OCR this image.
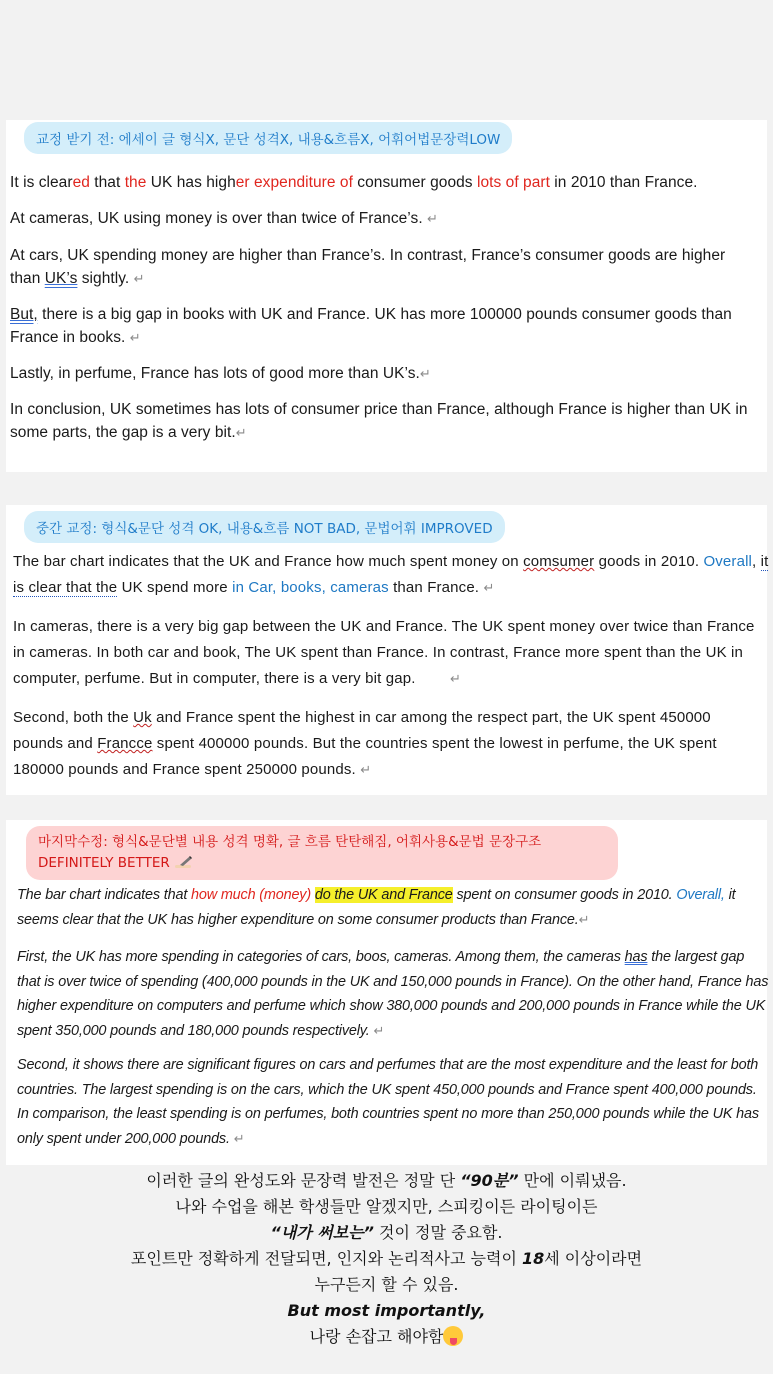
교정 받기 전: 에세이 글 형식X, 문단 성격X, 내용&흐름X, 어휘어법문장력LOW

It is cleared that the UK has higher expenditure of consumer goods lots of part in 2010 than France.

At cameras, UK using money is over than twice of France’s. ↵

At cars, UK spending money are higher than France’s. In contrast, France’s consumer goods are higher than UK’s sightly. ↵

But, there is a big gap in books with UK and France. UK has more 100000 pounds consumer goods than France in books. ↵

Lastly, in perfume, France has lots of good more than UK’s.↵

In conclusion, UK sometimes has lots of consumer price than France, although France is higher than UK in some parts, the gap is a very bit.↵

중간 교정: 형식&문단 성격 OK, 내용&흐름 NOT BAD, 문법어휘 IMPROVED

The bar chart indicates that the UK and France how much spent money on comsumer goods in 2010. Overall, it is clear that the UK spend more in Car, books, cameras than France. ↵

In cameras, there is a very big gap between the UK and France. The UK spent money over twice than France in cameras. In both car and book, The UK spent than France. In contrast, France more spent than the UK in computer, perfume. But in computer, there is a very bit gap.         ↵

Second, both the Uk and France spent the highest in car among the respect part, the UK spent 450000 pounds and Francce spent 400000 pounds. But the countries spent the lowest in perfume, the UK spent 180000 pounds and France spent 250000 pounds. ↵

마지막수정: 형식&문단별 내용 성격 명확, 글 흐름 탄탄해짐, 어휘사용&문법 문장구조 DEFINITELY BETTER

The bar chart indicates that how much (money) do the UK and France spent on consumer goods in 2010. Overall, it seems clear that the UK has higher expenditure on some consumer products than France.↵

First, the UK has more spending in categories of cars, boos, cameras. Among them, the cameras has the largest gap that is over twice of spending (400,000 pounds in the UK and 150,000 pounds in France). On the other hand, France has higher expenditure on computers and perfume which show 380,000 pounds and 200,000 pounds in France while the UK spent 350,000 pounds and 180,000 pounds respectively. ↵

Second, it shows there are significant figures on cars and perfumes that are the most expenditure and the least for both countries. The largest spending is on the cars, which the UK spent 450,000 pounds and France spent 400,000 pounds. In comparison, the least spending is on perfumes, both countries spent no more than 250,000 pounds while the UK has only spent under 200,000 pounds. ↵

이러한 글의 완성도와 문장력 발전은 정말 단 “90분” 만에 이뤄냈음.

나와 수업을 해본 학생들만 알겠지만, 스피킹이든 라이팅이든

“내가 써보는” 것이 정말 중요함.

포인트만 정확하게 전달되면, 인지와 논리적사고 능력이 18세 이상이라면

누구든지 할 수 있음.

But most importantly,

나랑 손잡고 해야함
